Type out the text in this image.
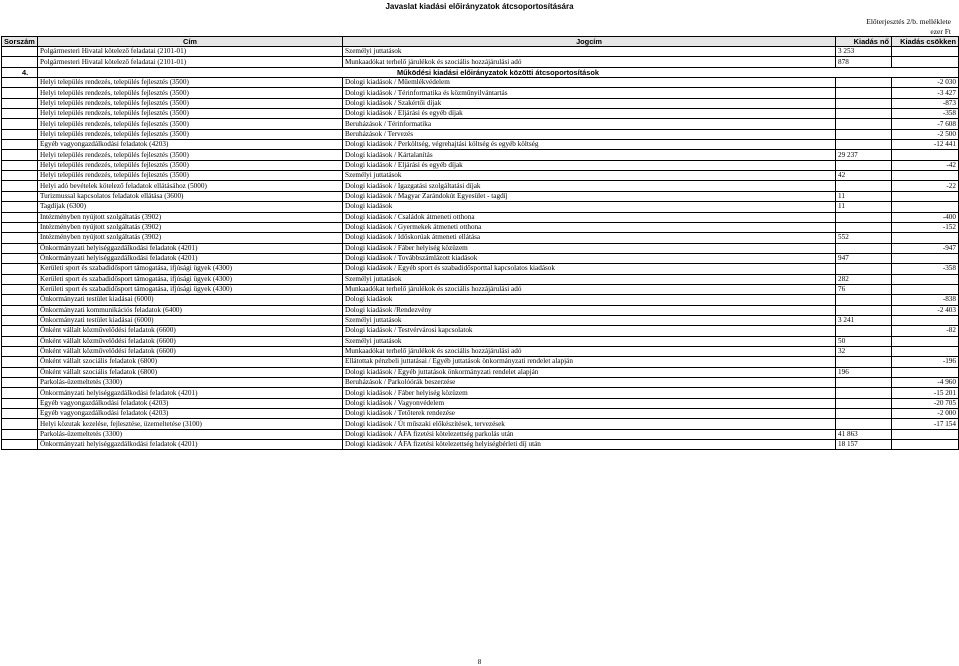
Javaslat kiadási előirányzatok átcsoportosítására
Előterjesztés 2/b. melléklete
ezer Ft
Sorszám	Cím	Jogcím	Kiadás nő	Kiadás csökken
	Polgármesteri Hivatal kötelező feladatai (2101-01)	Személyi juttatások	3 253	
	Polgármesteri Hivatal kötelező feladatai (2101-01)	Munkaadókat terhelő járulékok és szociális hozzájárulási adó	878	
4.	Működési kiadási előirányzatok közötti átcsoportosítások			
	Helyi település rendezés, település fejlesztés (3500)	Dologi kiadások / Műemlékvédelem		-2 030
	Helyi település rendezés, település fejlesztés (3500)	Dologi kiadások / Térinformatika és közműnyilvántartás		-3 427
	Helyi település rendezés, település fejlesztés (3500)	Dologi kiadások / Szakértői díjak		-873
	Helyi település rendezés, település fejlesztés (3500)	Dologi kiadások / Eljárási és egyéb díjak		-358
	Helyi település rendezés, település fejlesztés (3500)	Beruházások / Térinformatika		-7 608
	Helyi település rendezés, település fejlesztés (3500)	Beruházások / Tervezés		-2 500
	Egyéb vagyongazdálkodási feladatok (4203)	Dologi kiadások / Perköltség, végrehajtási költség és egyéb költség		-12 441
	Helyi település rendezés, település fejlesztés (3500)	Dologi kiadások / Kártalanítás	29 237	
	Helyi település rendezés, település fejlesztés (3500)	Dologi kiadások / Eljárási és egyéb díjak		-42
	Helyi település rendezés, település fejlesztés (3500)	Személyi juttatások	42	
	Helyi adó bevételek kötelező feladatok ellátásához (5000)	Dologi kiadások / Igazgatási szolgáltatási díjak		-22
	Turizmussal kapcsolatos feladatok ellátása (3600)	Dologi kiadások / Magyar Zarándokút Egyesület - tagdíj	11	
	Tagdíjak (6300)	Dologi kiadások	11	
	Intézményben nyújtott szolgáltatás (3902)	Dologi kiadások / Családok átmeneti otthona		-400
	Intézményben nyújtott szolgáltatás (3902)	Dologi kiadások / Gyermekek átmeneti otthona		-152
	Intézményben nyújtott szolgáltatás (3902)	Dologi kiadások / Időskorúak átmeneti ellátása	552	
	Önkormányzati helyiséggazdálkodási feladatok (4201)	Dologi kiadások / Fáber helyiség közüzem		-947
	Önkormányzati helyiséggazdálkodási feladatok (4201)	Dologi kiadások / Továbbszámlázott kiadások	947	
	Kerületi sport és szabadidősport támogatása, ifjúsági ügyek (4300)	Dologi kiadások / Egyéb sport és szabadidősporttal kapcsolatos kiadások		-358
	Kerületi sport és szabadidősport támogatása, ifjúsági ügyek (4300)	Személyi juttatások	282	
	Kerületi sport és szabadidősport támogatása, ifjúsági ügyek (4300)	Munkaadókat terhelő járulékok és szociális hozzájárulási adó	76	
	Önkormányzati testület kiadásai (6000)	Dologi kiadások		-838
	Önkormányzati kommunikációs feladatok (6400)	Dologi kiadások /Rendezvény		-2 403
	Önkormányzati testület kiadásai (6000)	Személyi juttatások	3 241	
	Önként vállalt közművelődési feladatok (6600)	Dologi kiadások / Testvérvárosi kapcsolatok		-82
	Önként vállalt közművelődési feladatok (6600)	Személyi juttatások	50	
	Önként vállalt közművelődési feladatok (6600)	Munkaadókat terhelő járulékok és szociális hozzájárulási adó	32	
	Önként vállalt szociális feladatok (6800)	Ellátottak pénzbeli juttatásai / Egyéb juttatások önkormányzati rendelet alapján		-196
	Önként vállalt szociális feladatok (6800)	Dologi kiadások / Egyéb juttatások önkormányzati rendelet alapján	196	
	Parkolás-üzemeltetés (3300)	Beruházások / Parkolóórák beszerzése		-4 960
	Önkormányzati helyiséggazdálkodási feladatok (4201)	Dologi kiadások / Fáber helyiség közüzem		-15 201
	Egyéb vagyongazdálkodási feladatok (4203)	Dologi kiadások / Vagyonvédelem		-20 705
	Egyéb vagyongazdálkodási feladatok (4203)	Dologi kiadások / Tetőterek rendezése		-2 000
	Helyi közutak kezelése, fejlesztése, üzemeltetése (3100)	Dologi kiadások / Út műszaki előkészítések, tervezések		-17 154
	Parkolás-üzemeltetés (3300)	Dologi kiadások / ÁFA fizetési kötelezettség parkolás után	41 863	
	Önkormányzati helyiséggazdálkodási feladatok (4201)	Dologi kiadások / ÁFA fizetési kötelezettség helyiségbérleti díj után	18 157	
8
